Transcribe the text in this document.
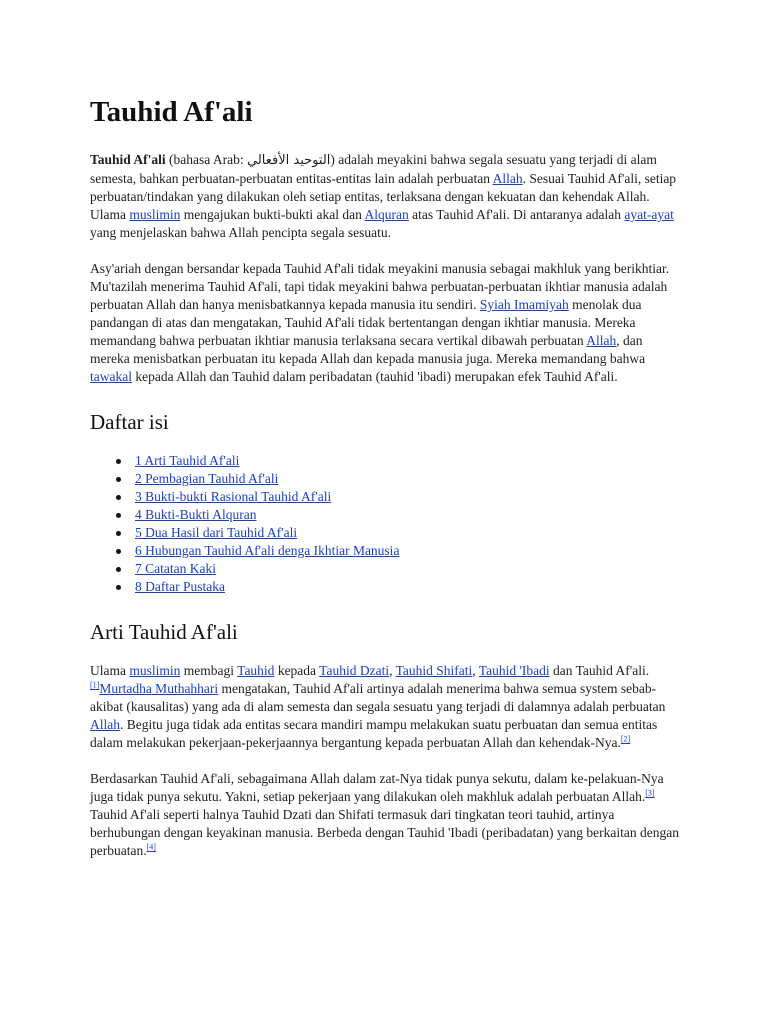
Tauhid Af'ali

Tauhid Af'ali (bahasa Arab: التوحيد الأفعالي) adalah meyakini bahwa segala sesuatu yang terjadi di alam semesta, bahkan perbuatan-perbuatan entitas-entitas lain adalah perbuatan Allah. Sesuai Tauhid Af'ali, setiap perbuatan/tindakan yang dilakukan oleh setiap entitas, terlaksana dengan kekuatan dan kehendak Allah. Ulama muslimin mengajukan bukti-bukti akal dan Alquran atas Tauhid Af'ali. Di antaranya adalah ayat-ayat yang menjelaskan bahwa Allah pencipta segala sesuatu.

Asy'ariah dengan bersandar kepada Tauhid Af'ali tidak meyakini manusia sebagai makhluk yang berikhtiar. Mu'tazilah menerima Tauhid Af'ali, tapi tidak meyakini bahwa perbuatan-perbuatan ikhtiar manusia adalah perbuatan Allah dan hanya menisbatkannya kepada manusia itu sendiri. Syiah Imamiyah menolak dua pandangan di atas dan mengatakan, Tauhid Af'ali tidak bertentangan dengan ikhtiar manusia. Mereka memandang bahwa perbuatan ikhtiar manusia terlaksana secara vertikal dibawah perbuatan Allah, dan mereka menisbatkan perbuatan itu kepada Allah dan kepada manusia juga. Mereka memandang bahwa tawakal kepada Allah dan Tauhid dalam peribadatan (tauhid 'ibadi) merupakan efek Tauhid Af'ali.

Daftar isi
1 Arti Tauhid Af'ali
2 Pembagian Tauhid Af'ali
3 Bukti-bukti Rasional Tauhid Af'ali
4 Bukti-Bukti Alquran
5 Dua Hasil dari Tauhid Af'ali
6 Hubungan Tauhid Af'ali denga Ikhtiar Manusia
7 Catatan Kaki
8 Daftar Pustaka
Arti Tauhid Af'ali

Ulama muslimin membagi Tauhid kepada Tauhid Dzati, Tauhid Shifati, Tauhid 'Ibadi dan Tauhid Af'ali.[1]Murtadha Muthahhari mengatakan, Tauhid Af'ali artinya adalah menerima bahwa semua system sebab-akibat (kausalitas) yang ada di alam semesta dan segala sesuatu yang terjadi di dalamnya adalah perbuatan Allah. Begitu juga tidak ada entitas secara mandiri mampu melakukan suatu perbuatan dan semua entitas dalam melakukan pekerjaan-pekerjaannya bergantung kepada perbuatan Allah dan kehendak-Nya.[2]

Berdasarkan Tauhid Af'ali, sebagaimana Allah dalam zat-Nya tidak punya sekutu, dalam ke-pelakuan-Nya juga tidak punya sekutu. Yakni, setiap pekerjaan yang dilakukan oleh makhluk adalah perbuatan Allah.[3] Tauhid Af'ali seperti halnya Tauhid Dzati dan Shifati termasuk dari tingkatan teori tauhid, artinya berhubungan dengan keyakinan manusia. Berbeda dengan Tauhid 'Ibadi (peribadatan) yang berkaitan dengan perbuatan.[4]
